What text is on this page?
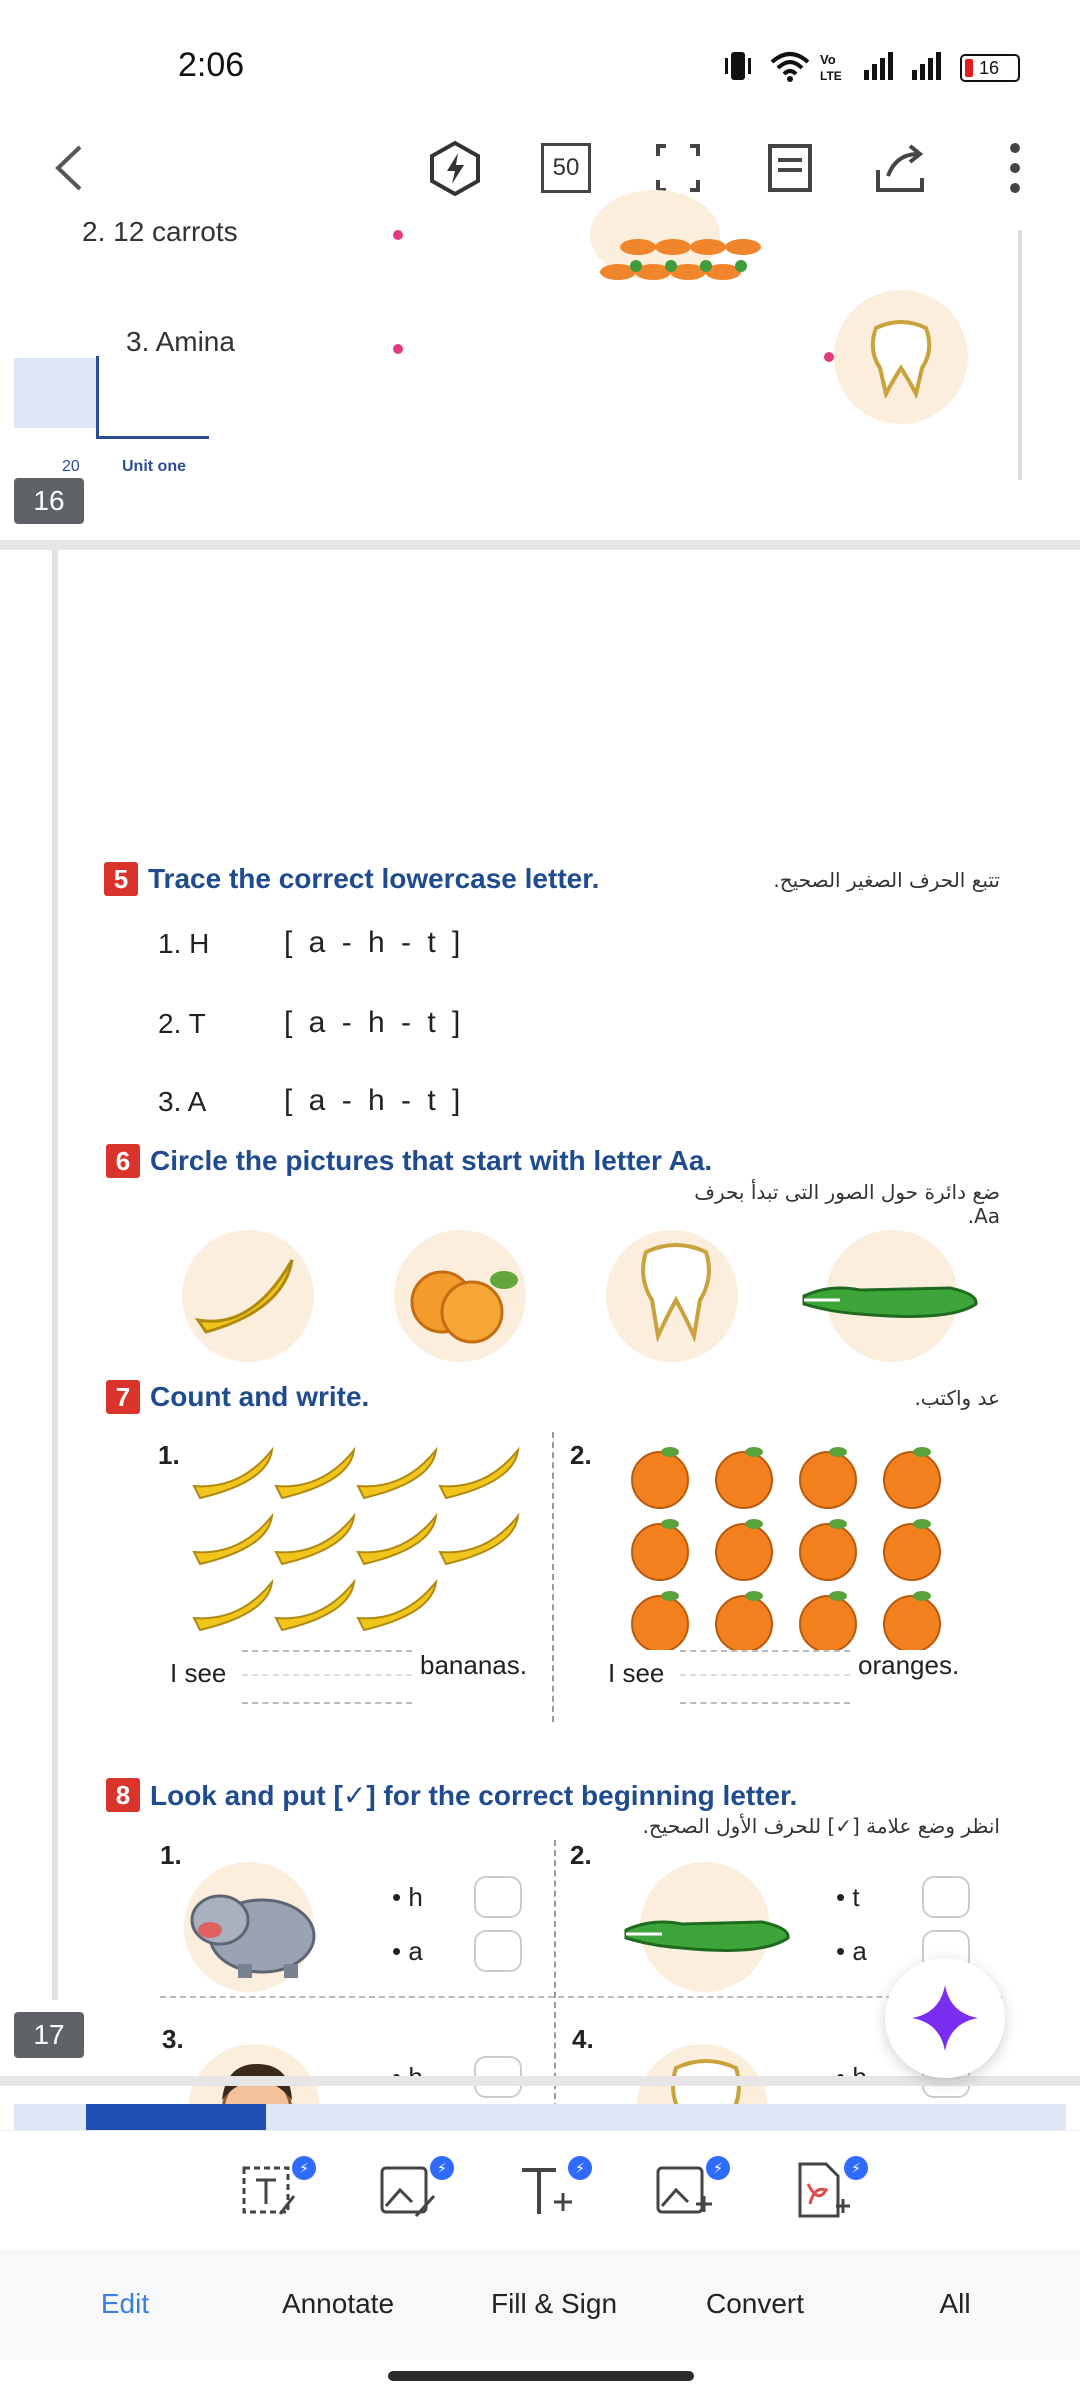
2:06	Vo
LTE	16
50
2. 12 carrots
3. Amina
20	Unit one
16
5 Trace the correct lowercase letter.	تتبع الحرف الصغير الصحيح.
1. H [ a - h - t ]
2. T	[ a - h - t ]
3. A	[ a - h - t ]
6 Circle the pictures that start with letter Aa.
ضع دائرة حول الصور التى تبدأ بحرف Aa.
7 Count and write.	عد واكتب.
1.
I see	bananas.
2.
I see	oranges.
8 Look and put [✓] for the correct beginning letter.
انظر وضع علامة [✓] للحرف الأول الصحيح.
1.
• h
• a
2.
• t
• a
3.	4.
17
⚡	⚡	⚡	⚡	⚡
Edit	Annotate	Fill & Sign	Convert	All
